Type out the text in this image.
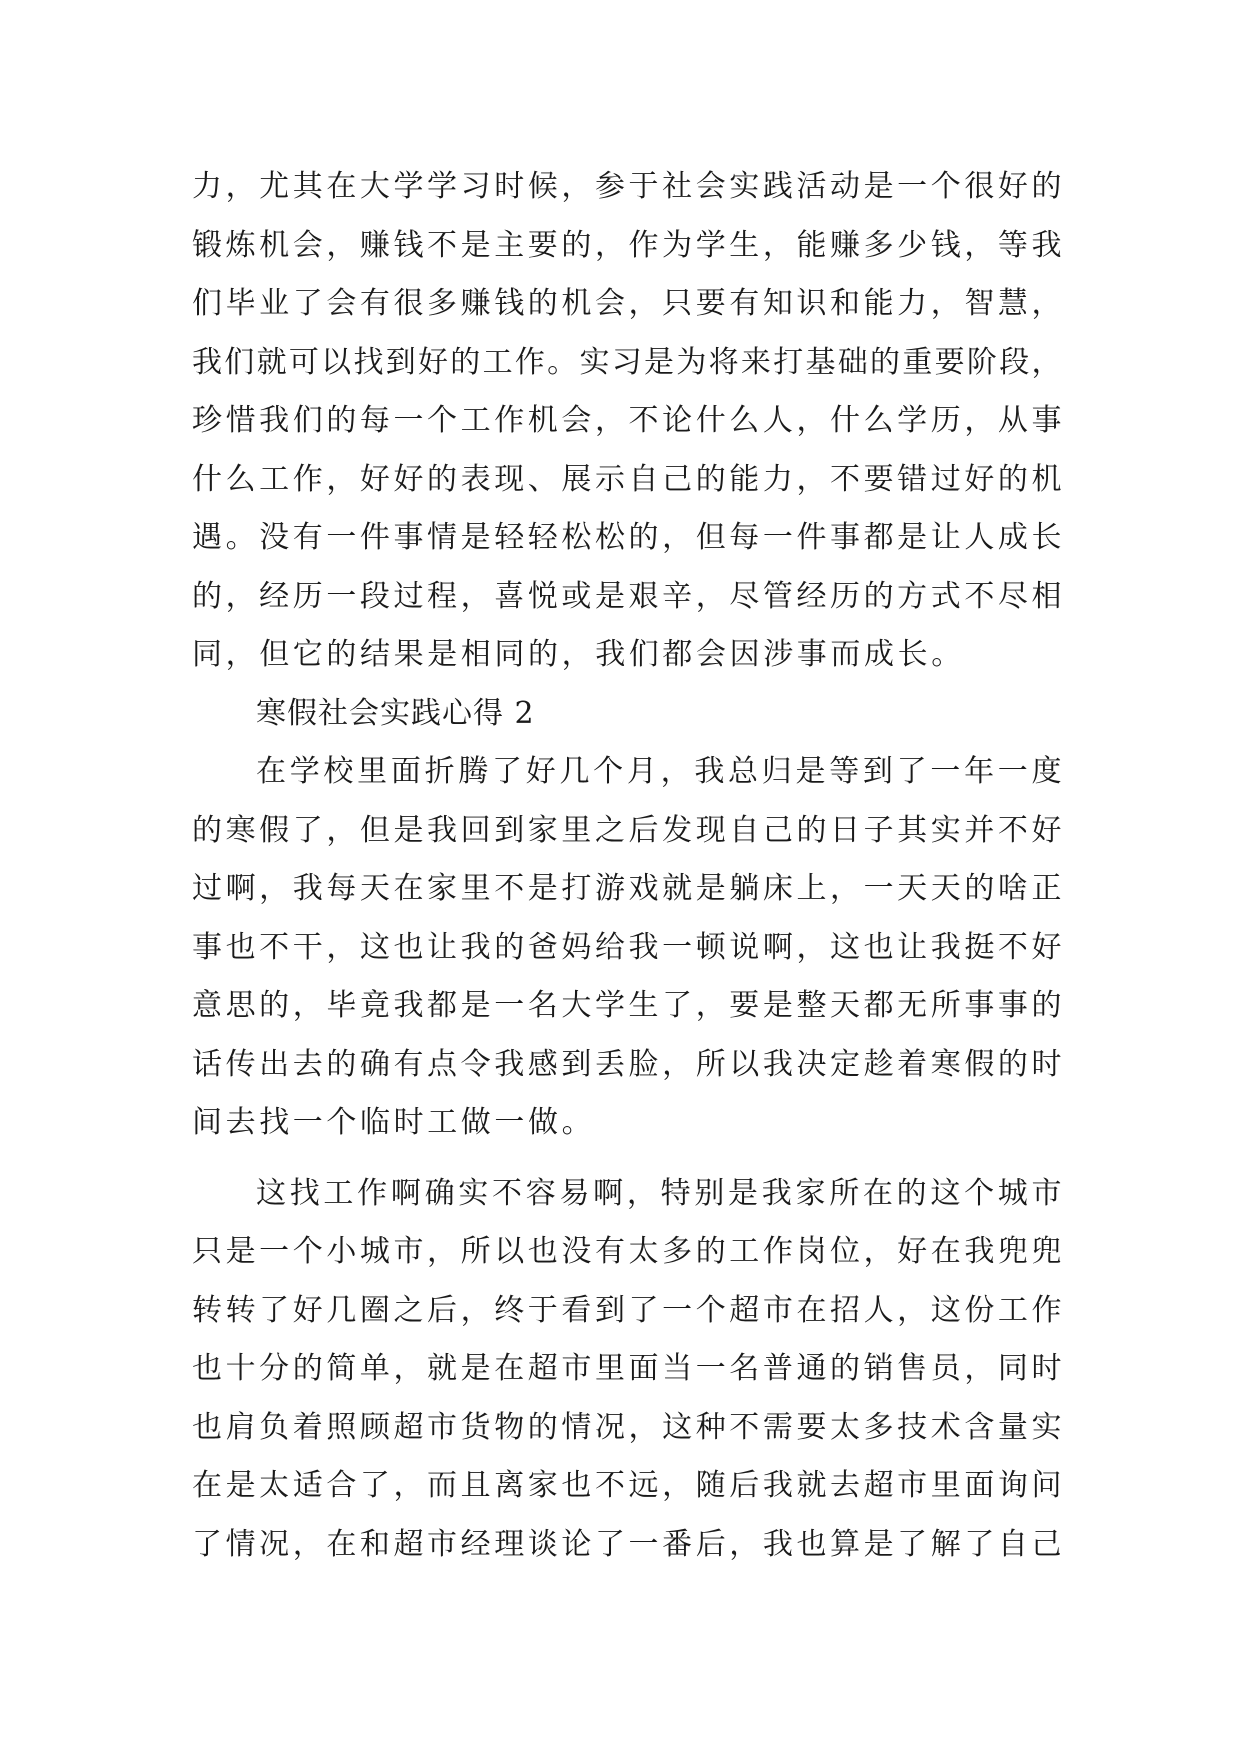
力，尤其在大学学习时候，参于社会实践活动是一个很好的
锻炼机会，赚钱不是主要的，作为学生，能赚多少钱，等我
们毕业了会有很多赚钱的机会，只要有知识和能力，智慧，
我们就可以找到好的工作。实习是为将来打基础的重要阶段，
珍惜我们的每一个工作机会，不论什么人，什么学历，从事
什么工作，好好的表现、展示自己的能力，不要错过好的机
遇。没有一件事情是轻轻松松的，但每一件事都是让人成长
的，经历一段过程，喜悦或是艰辛，尽管经历的方式不尽相
同，但它的结果是相同的，我们都会因涉事而成长。
寒假社会实践心得 2
在学校里面折腾了好几个月，我总归是等到了一年一度
的寒假了，但是我回到家里之后发现自己的日子其实并不好
过啊，我每天在家里不是打游戏就是躺床上，一天天的啥正
事也不干，这也让我的爸妈给我一顿说啊，这也让我挺不好
意思的，毕竟我都是一名大学生了，要是整天都无所事事的
话传出去的确有点令我感到丢脸，所以我决定趁着寒假的时
间去找一个临时工做一做。
这找工作啊确实不容易啊，特别是我家所在的这个城市
只是一个小城市，所以也没有太多的工作岗位，好在我兜兜
转转了好几圈之后，终于看到了一个超市在招人，这份工作
也十分的简单，就是在超市里面当一名普通的销售员，同时
也肩负着照顾超市货物的情况，这种不需要太多技术含量实
在是太适合了，而且离家也不远，随后我就去超市里面询问
了情况，在和超市经理谈论了一番后，我也算是了解了自己
